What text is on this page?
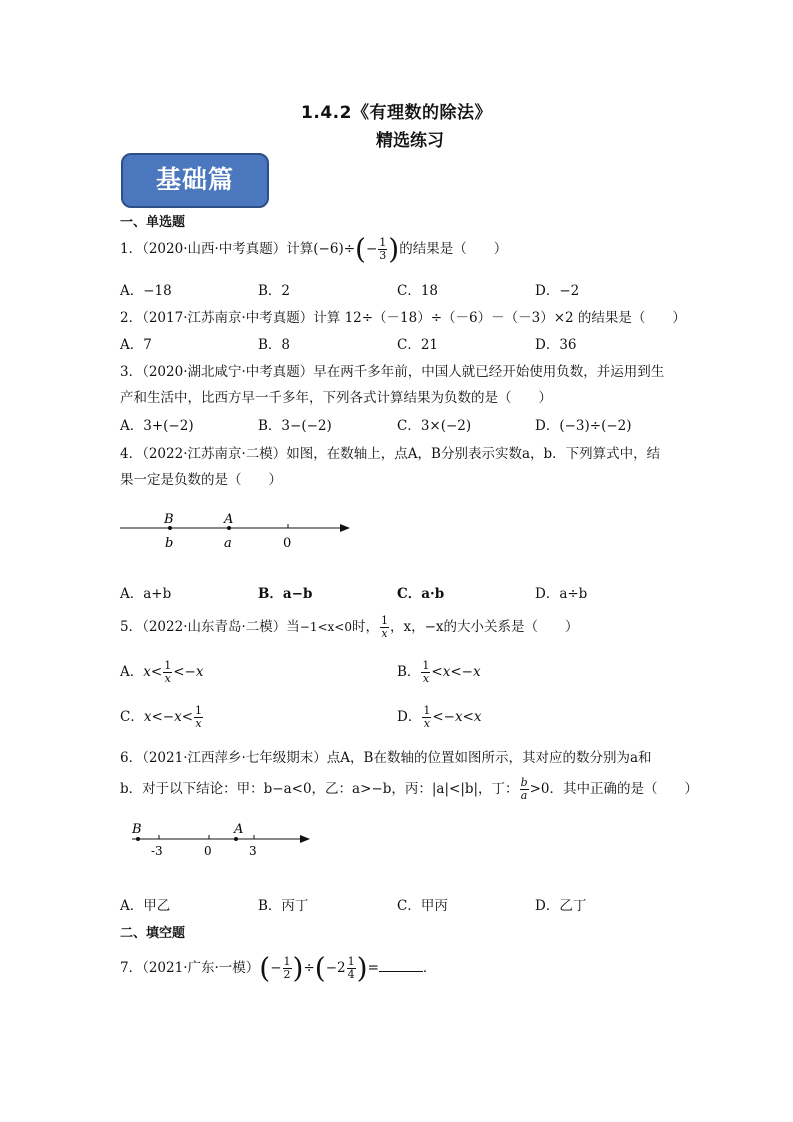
1.4.2《有理数的除法》
精选练习
基础篇
一、单选题
1．（2020·山西·中考真题）计算$(-6)\div(- \frac{1}{3}$ )的结果是（　　）
A．−18	B．2	C．18	D．−2
2．（2017·江苏南京·中考真题）计算 12÷（－18）÷（－6）－（－3）×2 的结果是（　　）
A．7	B．8	C．21	D．36
3．（2020·湖北咸宁·中考真题）早在两千多年前，中国人就已经开始使用负数，并运用到生
产和生活中，比西方早一千多年，下列各式计算结果为负数的是（　　）
A．3+(−2)	B．3−(−2)	C．3×(−2)	D．(−3)÷(−2)
4．（2022·江苏南京·二模）如图，在数轴上，点A，B分别表示实数a，b．下列算式中，结
果一定是负数的是（　　）
B	A
b	a	0
A．a+b	B．a−b	C．a·b	D．a÷b
5．（2022·山东青岛·二模）当−1<x<0时， $\frac{1}{x}$ ，x，−x的大小关系是（　　）
A．$x< \frac{1}{x} <-x$	B． $\frac{1}{x} <x<-x$
C．$x<-x< \frac{1}{x}$	D． $\frac{1}{x} <-x<x$
6．（2021·江西萍乡·七年级期末）点A，B在数轴的位置如图所示，其对应的数分别为a和
b．对于以下结论：甲：b−a<0，乙：a>−b，丙：|a|<|b|，丁： $\frac{b}{a} >0$．其中正确的是（　　）
B	A
-3	0	3
A．甲乙	B．丙丁	C．甲丙	D．乙丁
二、填空题
7．（2021·广东·一模）(− $\frac{1}{2} )\div(-2 \frac{1}{4}$ )=	．
